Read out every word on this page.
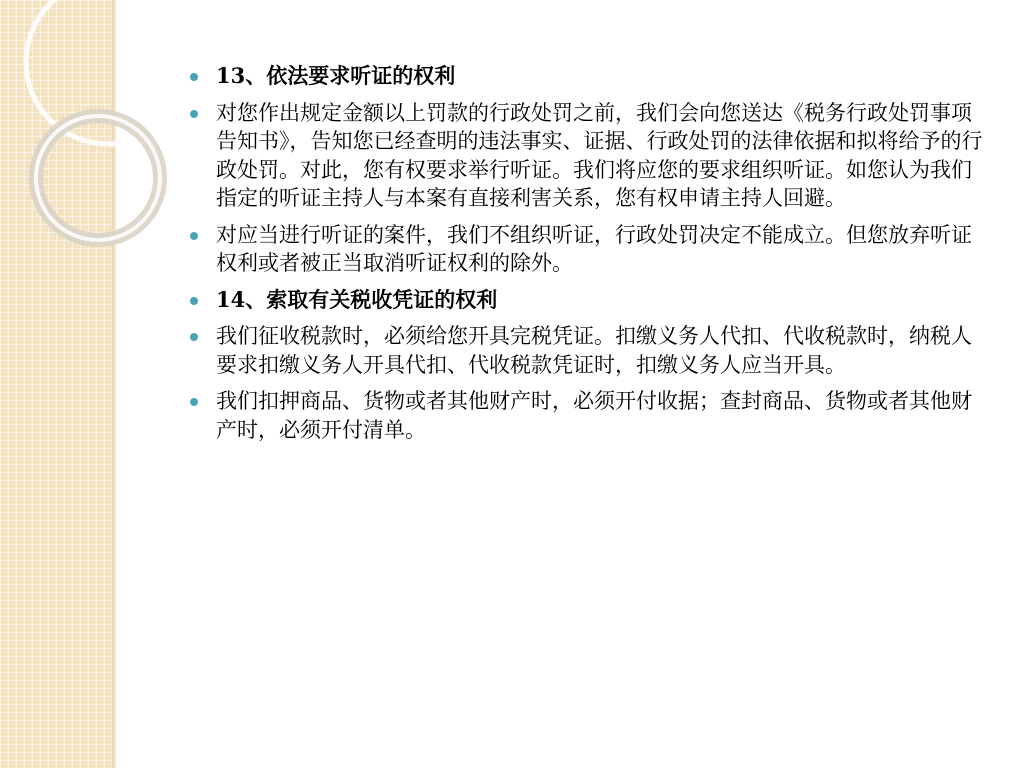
13、依法要求听证的权利
对您作出规定金额以上罚款的行政处罚之前，我们会向您送达《税务行政处罚事项告知书》，告知您已经查明的违法事实、证据、行政处罚的法律依据和拟将给予的行政处罚。对此，您有权要求举行听证。我们将应您的要求组织听证。如您认为我们指定的听证主持人与本案有直接利害关系，您有权申请主持人回避。
对应当进行听证的案件，我们不组织听证，行政处罚决定不能成立。但您放弃听证权利或者被正当取消听证权利的除外。
14、索取有关税收凭证的权利
我们征收税款时，必须给您开具完税凭证。扣缴义务人代扣、代收税款时，纳税人要求扣缴义务人开具代扣、代收税款凭证时，扣缴义务人应当开具。
我们扣押商品、货物或者其他财产时，必须开付收据；查封商品、货物或者其他财产时，必须开付清单。
